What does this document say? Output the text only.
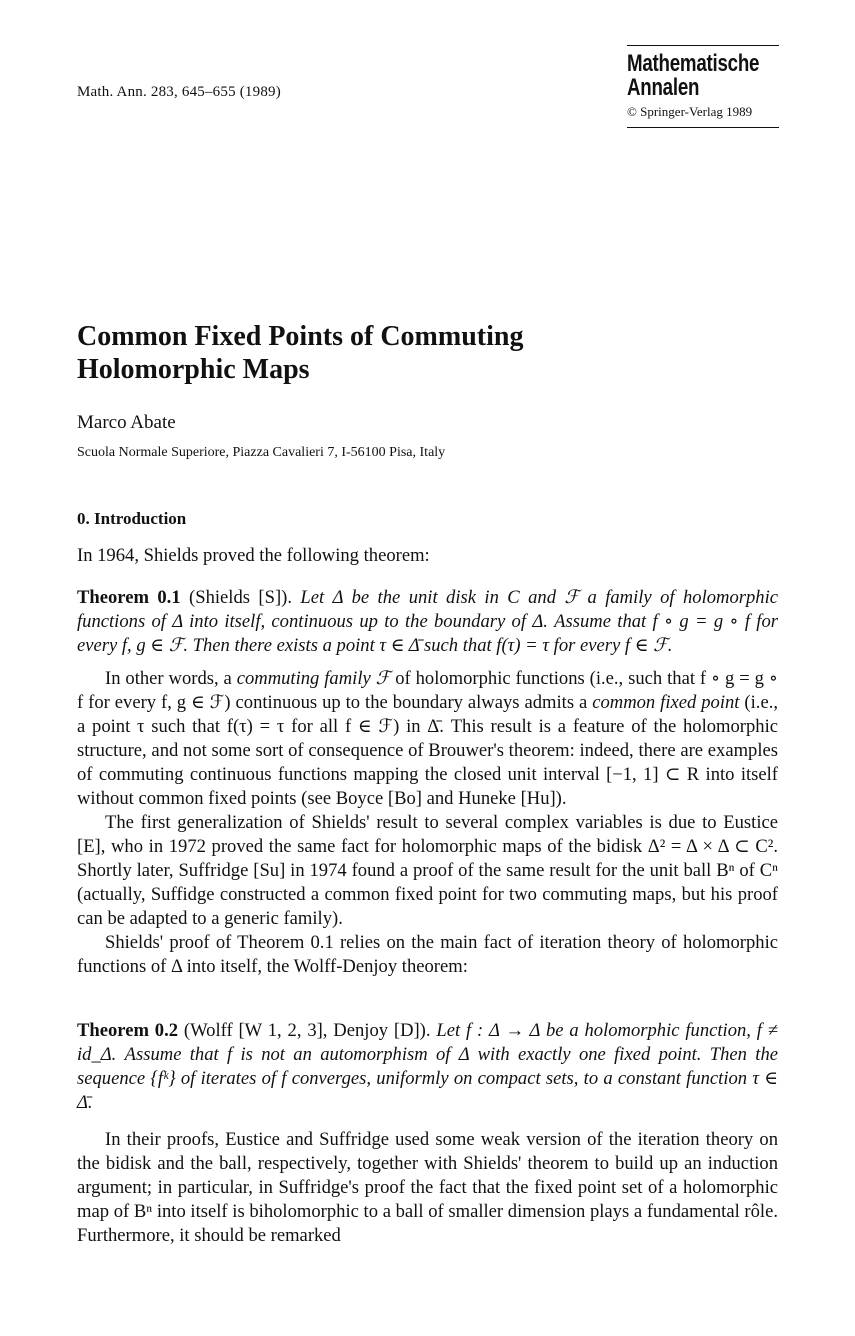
Math. Ann. 283, 645–655 (1989)
Mathematische
Annalen
© Springer-Verlag 1989
Common Fixed Points of Commuting
Holomorphic Maps
Marco Abate
Scuola Normale Superiore, Piazza Cavalieri 7, I-56100 Pisa, Italy
0. Introduction

In 1964, Shields proved the following theorem:

Theorem 0.1 (Shields [S]). Let Δ be the unit disk in C and ℱ a family of holomorphic functions of Δ into itself, continuous up to the boundary of Δ. Assume that f ∘ g = g ∘ f for every f, g ∈ ℱ. Then there exists a point τ ∈ Δ̄ such that f(τ) = τ for every f ∈ ℱ.

In other words, a commuting family ℱ of holomorphic functions (i.e., such that f ∘ g = g ∘ f for every f, g ∈ ℱ) continuous up to the boundary always admits a common fixed point (i.e., a point τ such that f(τ) = τ for all f ∈ ℱ) in Δ̄. This result is a feature of the holomorphic structure, and not some sort of consequence of Brouwer's theorem: indeed, there are examples of commuting continuous functions mapping the closed unit interval [−1, 1] ⊂ R into itself without common fixed points (see Boyce [Bo] and Huneke [Hu]).

The first generalization of Shields' result to several complex variables is due to Eustice [E], who in 1972 proved the same fact for holomorphic maps of the bidisk Δ² = Δ × Δ ⊂ C². Shortly later, Suffridge [Su] in 1974 found a proof of the same result for the unit ball Bⁿ of Cⁿ (actually, Suffidge constructed a common fixed point for two commuting maps, but his proof can be adapted to a generic family).

Shields' proof of Theorem 0.1 relies on the main fact of iteration theory of holomorphic functions of Δ into itself, the Wolff-Denjoy theorem:

Theorem 0.2 (Wolff [W 1, 2, 3], Denjoy [D]). Let f : Δ → Δ be a holomorphic function, f ≠ id_Δ. Assume that f is not an automorphism of Δ with exactly one fixed point. Then the sequence {fᵏ} of iterates of f converges, uniformly on compact sets, to a constant function τ ∈ Δ̄.

In their proofs, Eustice and Suffridge used some weak version of the iteration theory on the bidisk and the ball, respectively, together with Shields' theorem to build up an induction argument; in particular, in Suffridge's proof the fact that the fixed point set of a holomorphic map of Bⁿ into itself is biholomorphic to a ball of smaller dimension plays a fundamental rôle. Furthermore, it should be remarked
